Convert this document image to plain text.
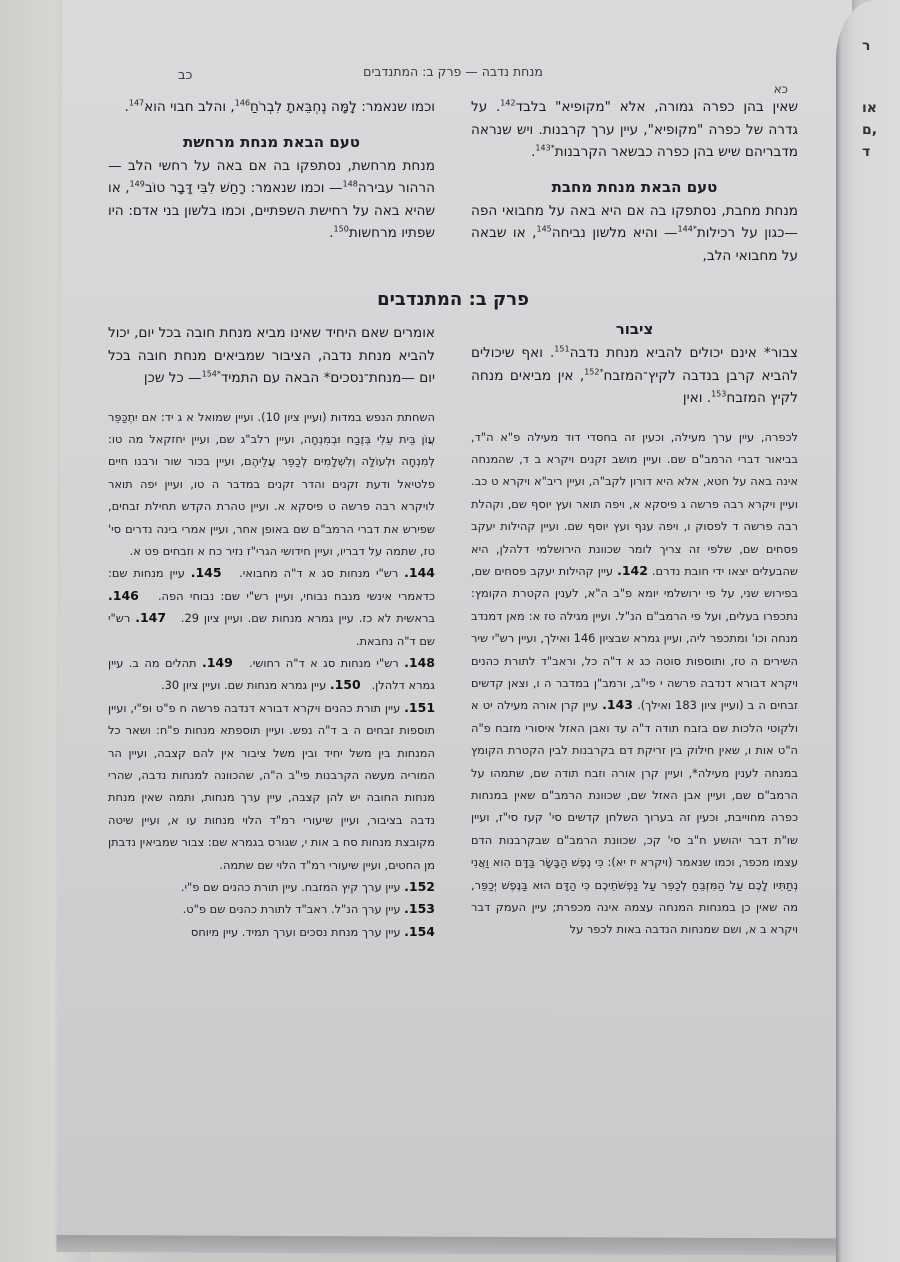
ר
או
ם,
ד
מנחת נדבה — פרק ב: המתנדבים
כב
כא

שאין בהן כפרה גמורה, אלא "מקופיא" בלבד$^{142}$. על גדרה של כפרה "מקופיא", עיין ערך קרבנות. ויש שנראה מדבריהם שיש בהן כפרה כבשאר הקרבנות$^{*143}$.

טעם הבאת מנחת מחבת

מנחת מחבת, נסתפקו בה אם היא באה על מחבואי הפה —כגון על רכילות$^{*144}$— והיא מלשון נביחה$^{145}$, או שבאה על מחבואי הלב,

וכמו שנאמר: לָמָּה נֶחְבֵּאתָ לִבְרֹחַ$^{146}$, והלב חבוי הוא$^{147}$.

טעם הבאת מנחת מרחשת

מנחת מרחשת, נסתפקו בה אם באה על רחשי הלב —הרהור עבירה$^{148}$— וכמו שנאמר: רָחַשׁ לִבִּי דָּבָר טוֹב$^{149}$, או שהיא באה על רחישת השפתיים, וכמו בלשון בני אדם: היו שפתיו מרחשות$^{150}$.

פרק ב: המתנדבים
ציבור

צבור* אינם יכולים להביא מנחת נדבה$^{151}$. ואף שיכולים להביא קרבן בנדבה לקיץ־המזבח$^{*152}$, אין מביאים מנחה לקיץ המזבח$^{153}$. ואין

לכפרה, עיין ערך מעילה, וכעין זה בחסדי דוד מעילה פ"א ה"ד, בביאור דברי הרמב"ם שם. ועיין מושב זקנים ויקרא ב ד, שהמנחה אינה באה על חטא, אלא היא דורון לקב"ה, ועיין ריב"א ויקרא ט כב. ועיין ויקרא רבה פרשה ג פיסקא א, ויפה תואר ועץ יוסף שם, וקהלת רבה פרשה ד לפסוק ו, ויפה ענף ועץ יוסף שם. ועיין קהילות יעקב פסחים שם, שלפי זה צריך לומר שכוונת הירושלמי דלהלן, היא שהבעלים יצאו ידי חובת נדרם. 142. עיין קהילות יעקב פסחים שם, בפירוש שני, על פי ירושלמי יומא פ"ב ה"א, לענין הקטרת הקומץ: נתכפרו בעלים, ועל פי הרמב"ם הנ"ל. ועיין מגילה טז א: מאן דמנדב מנחה וכו' ומתכפר ליה, ועיין גמרא שבציון 146 ואילך, ועיין רש"י שיר השירים ה טז, ותוספות סוטה כג א ד"ה כל, וראב"ד לתורת כהנים ויקרא דבורא דנדבה פרשה י פי"ב, ורמב"ן במדבר ה ו, וצאן קדשים זבחים ה ב (ועיין ציון 183 ואילך). 143. עיין קרן אורה מעילה יט א ולקוטי הלכות שם בזבח תודה ד"ה עד ואבן האזל איסורי מזבח פ"ה ה"ט אות ו, שאין חילוק בין זריקת דם בקרבנות לבין הקטרת הקומץ במנחה לענין מעילה*, ועיין קרן אורה וזבח תודה שם, שתמהו על הרמב"ם שם, ועיין אבן האזל שם, שכוונת הרמב"ם שאין במנחות כפרה מחוייבת, וכעין זה בערוך השלחן קדשים סי' קעז סי"ז, ועיין שו"ת דבר יהושע ח"ב סי' קכ, שכוונת הרמב"ם שבקרבנות הדם עצמו מכפר, וכמו שנאמר (ויקרא יז יא): כִּי נֶפֶשׁ הַבָּשָׂר בַּדָּם הִוא וַאֲנִי נְתַתִּיו לָכֶם עַל הַמִּזְבֵּחַ לְכַפֵּר עַל נַפְשֹׁתֵיכֶם כִּי הַדָּם הוּא בַּנֶּפֶשׁ יְכַפֵּר, מה שאין כן במנחות המנחה עצמה אינה מכפרת; עיין העמק דבר ויקרא ב א, ושם שמנחות הנדבה באות לכפר על

אומרים שאם היחיד שאינו מביא מנחת חובה בכל יום, יכול להביא מנחת נדבה, הציבור שמביאים מנחת חובה בכל יום —מנחת־נסכים* הבאה עם התמיד$^{*154}$— כל שכן

השחתת הנפש במדות (ועיין ציון 10). ועיין שמואל א ג יד: אם יִתְכַּפֵּר עֲוֹן בֵּית עֵלִי בְּזֶבַח וּבְמִנְחָה, ועיין רלב"ג שם, ועיין יחזקאל מה טו: לְמִנְחָה וּלְעוֹלָה וְלִשְׁלָמִים לְכַפֵּר עֲלֵיהֶם, ועיין בכור שור ורבנו חיים פלטיאל ודעת זקנים והדר זקנים במדבר ה טו, ועיין יפה תואר לויקרא רבה פרשה ט פיסקא א. ועיין טהרת הקדש תחילת זבחים, שפירש את דברי הרמב"ם שם באופן אחר, ועיין אמרי בינה נדרים סי' טז, שתמה על דבריו, ועיין חידושי הגרי"ז נזיר כח א וזבחים פט א.

144. רש"י מנחות סג א ד"ה מחבואי.   145. עיין מנחות שם: כדאמרי אינשי מנבח נבוחי, ועיין רש"י שם: נבוחי הפה.   146. בראשית לא כז. עיין גמרא מנחות שם. ועיין ציון 29.   147. רש"י שם ד"ה נחבאת.

148. רש"י מנחות סג א ד"ה רחושי.   149. תהלים מה ב. עיין גמרא דלהלן.   150. עיין גמרא מנחות שם. ועיין ציון 30.

151. עיין תורת כהנים ויקרא דבורא דנדבה פרשה ח פ"ט ופ"י, ועיין תוספות זבחים ה ב ד"ה נפש. ועיין תוספתא מנחות פ"ח: ושאר כל המנחות בין משל יחיד ובין משל ציבור אין להם קצבה, ועיין הר המוריה מעשה הקרבנות פי"ב ה"ה, שהכוונה למנחות נדבה, שהרי מנחות החובה יש להן קצבה, עיין ערך מנחות, ותמה שאין מנחת נדבה בציבור, ועיין שיעורי רמ"ד הלוי מנחות עו א, ועיין שיטה מקובצת מנחות סח ב אות י, שגורס בגמרא שם: צבור שמביאין נדבתן מן החטים, ועיין שיעורי רמ"ד הלוי שם שתמה.

152. עיין ערך קיץ המזבח. עיין תורת כהנים שם פ"י.

153. עיין ערך הנ"ל. ראב"ד לתורת כהנים שם פ"ט.

154. עיין ערך מנחת נסכים וערך תמיד. עיין מיוחס
